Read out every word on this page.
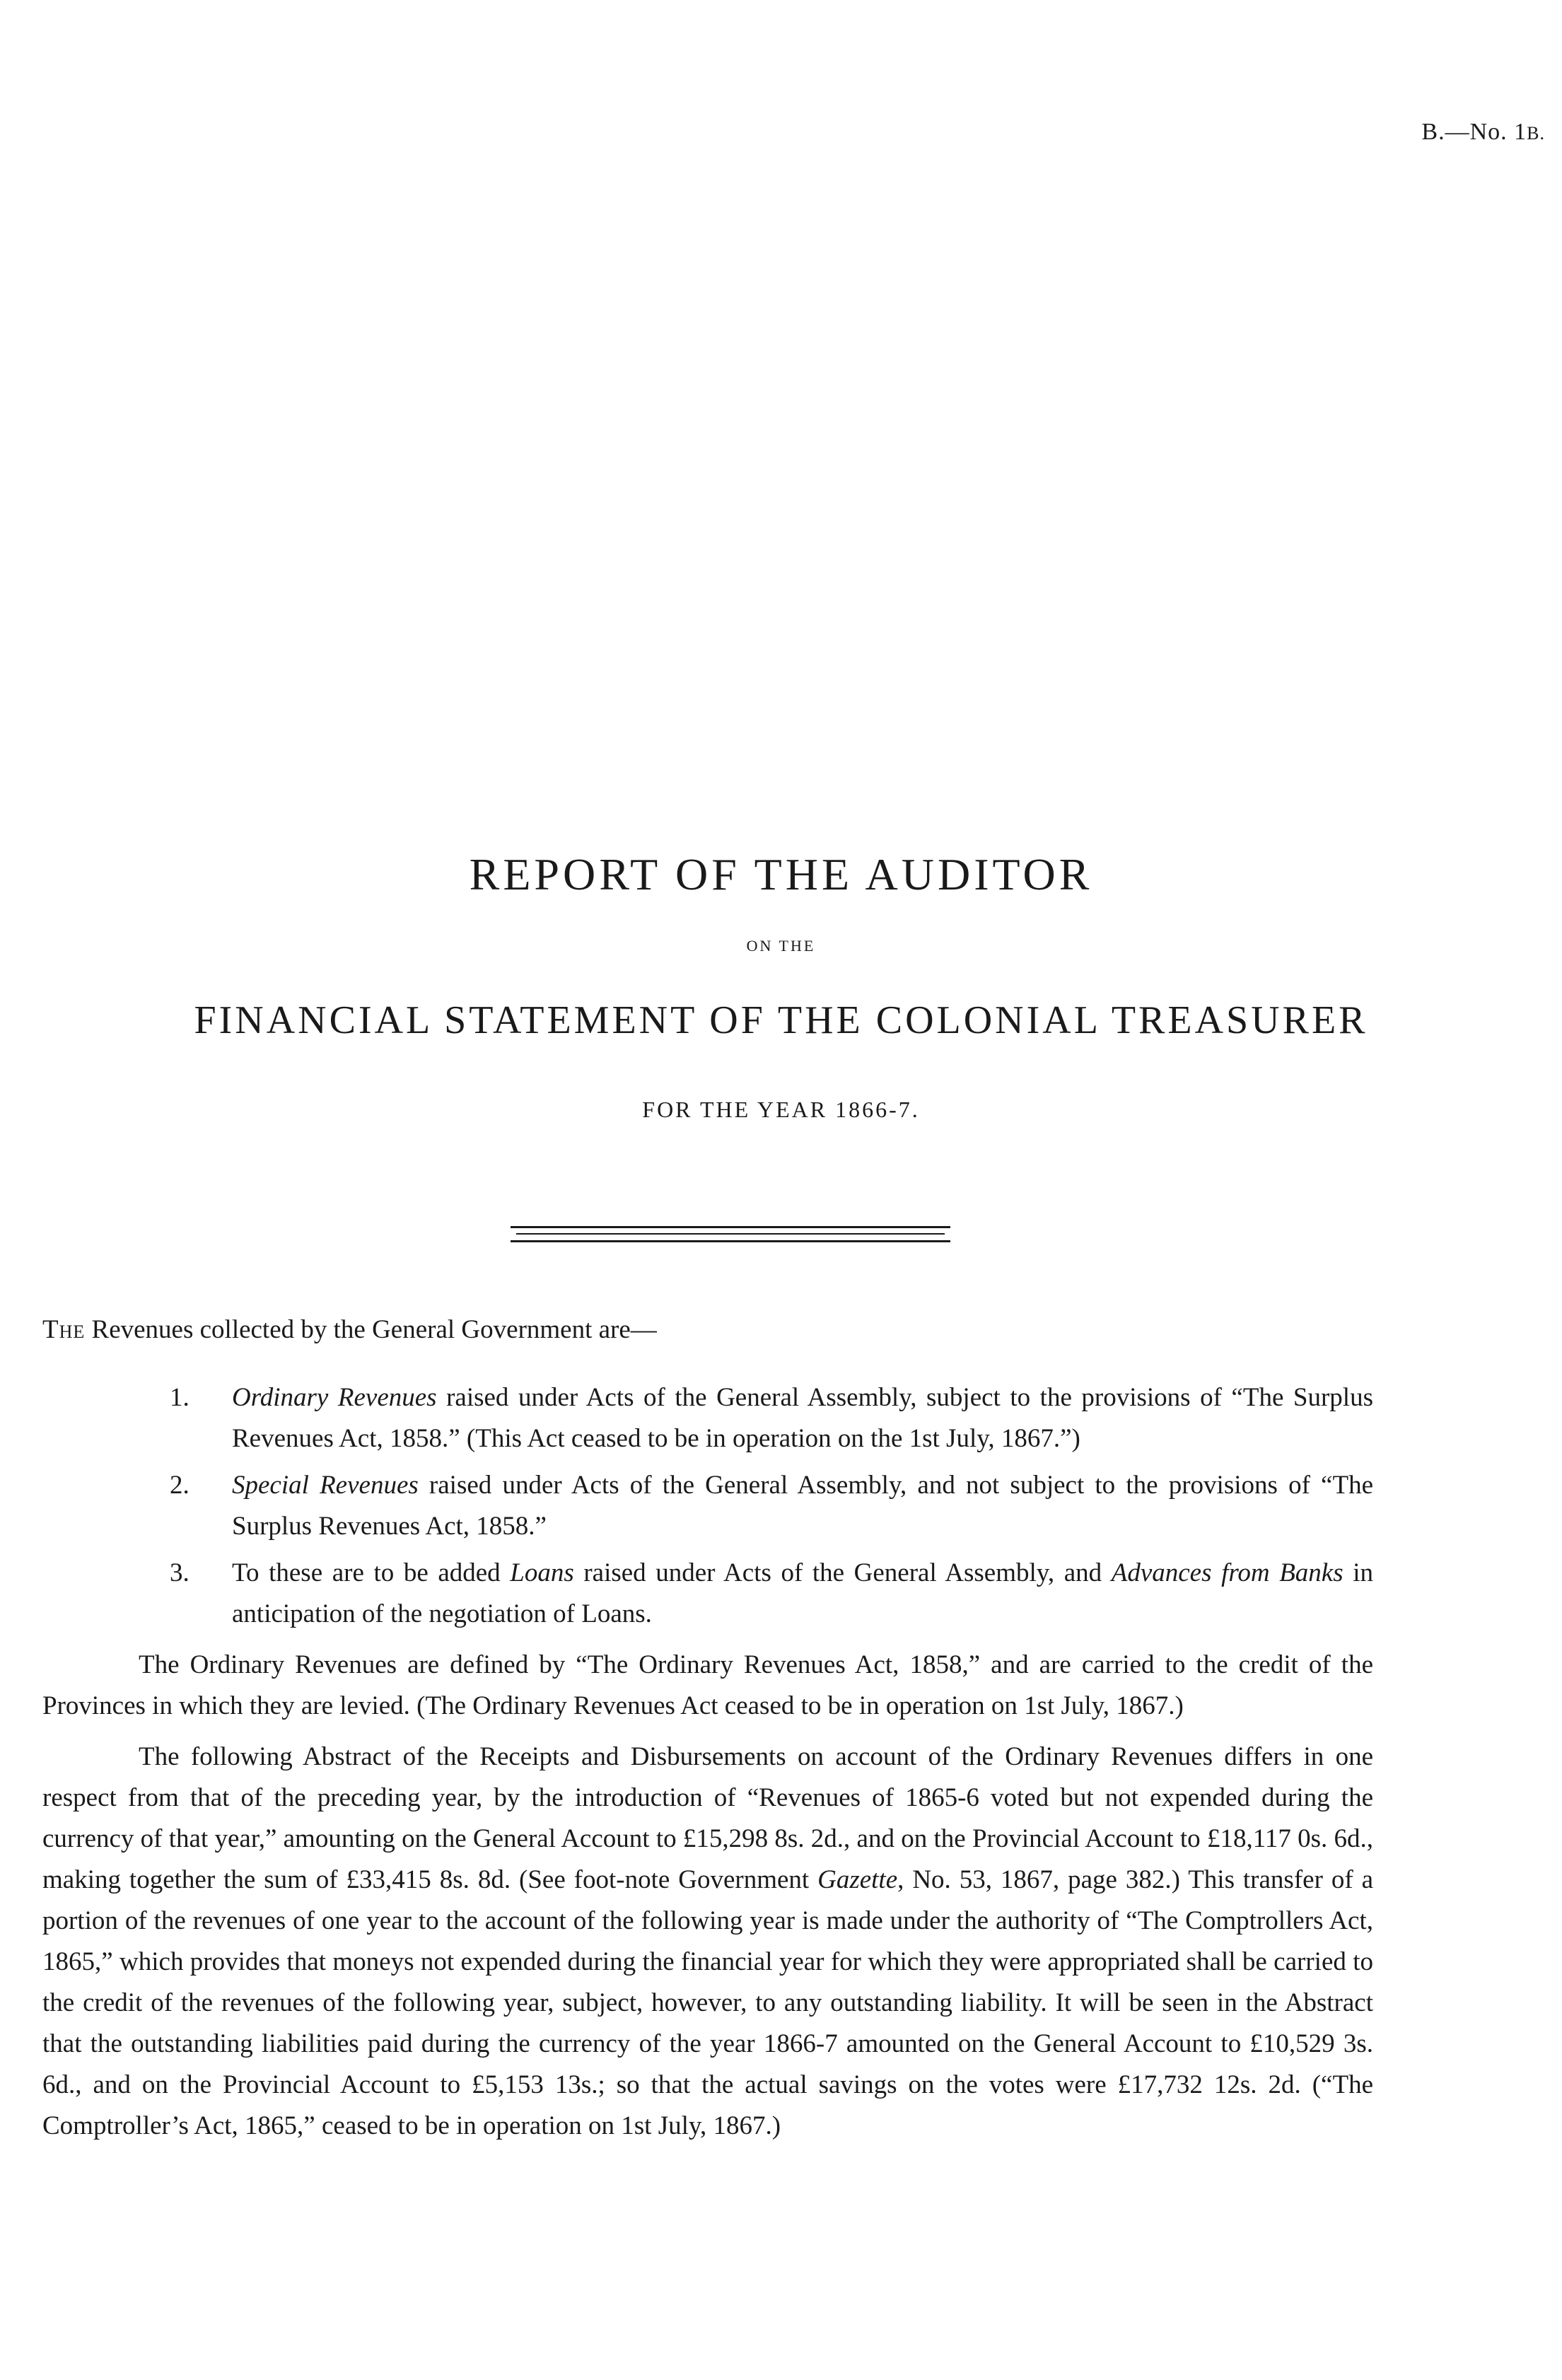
B.—No. 1B.

REPORT OF THE AUDITOR

ON THE

FINANCIAL STATEMENT OF THE COLONIAL TREASURER

FOR THE YEAR 1866-7.

The Revenues collected by the General Government are—

1. Ordinary Revenues raised under Acts of the General Assembly, subject to the provisions of “The Surplus Revenues Act, 1858.” (This Act ceased to be in operation on the 1st July, 1867.”)
2. Special Revenues raised under Acts of the General Assembly, and not subject to the provisions of “The Surplus Revenues Act, 1858.”
3. To these are to be added Loans raised under Acts of the General Assembly, and Advances from Banks in anticipation of the negotiation of Loans.

The Ordinary Revenues are defined by “The Ordinary Revenues Act, 1858,” and are carried to the credit of the Provinces in which they are levied. (The Ordinary Revenues Act ceased to be in operation on 1st July, 1867.)

The following Abstract of the Receipts and Disbursements on account of the Ordinary Revenues differs in one respect from that of the preceding year, by the introduction of “Revenues of 1865-6 voted but not expended during the currency of that year,” amounting on the General Account to £15,298 8s. 2d., and on the Provincial Account to £18,117 0s. 6d., making together the sum of £33,415 8s. 8d. (See foot-note Government Gazette, No. 53, 1867, page 382.) This transfer of a portion of the revenues of one year to the account of the following year is made under the authority of “The Comptrollers Act, 1865,” which provides that moneys not expended during the financial year for which they were appropriated shall be carried to the credit of the revenues of the following year, subject, however, to any outstanding liability. It will be seen in the Abstract that the outstanding liabilities paid during the currency of the year 1866-7 amounted on the General Account to £10,529 3s. 6d., and on the Provincial Account to £5,153 13s.; so that the actual savings on the votes were £17,732 12s. 2d. (“The Comptroller’s Act, 1865,” ceased to be in operation on 1st July, 1867.)
